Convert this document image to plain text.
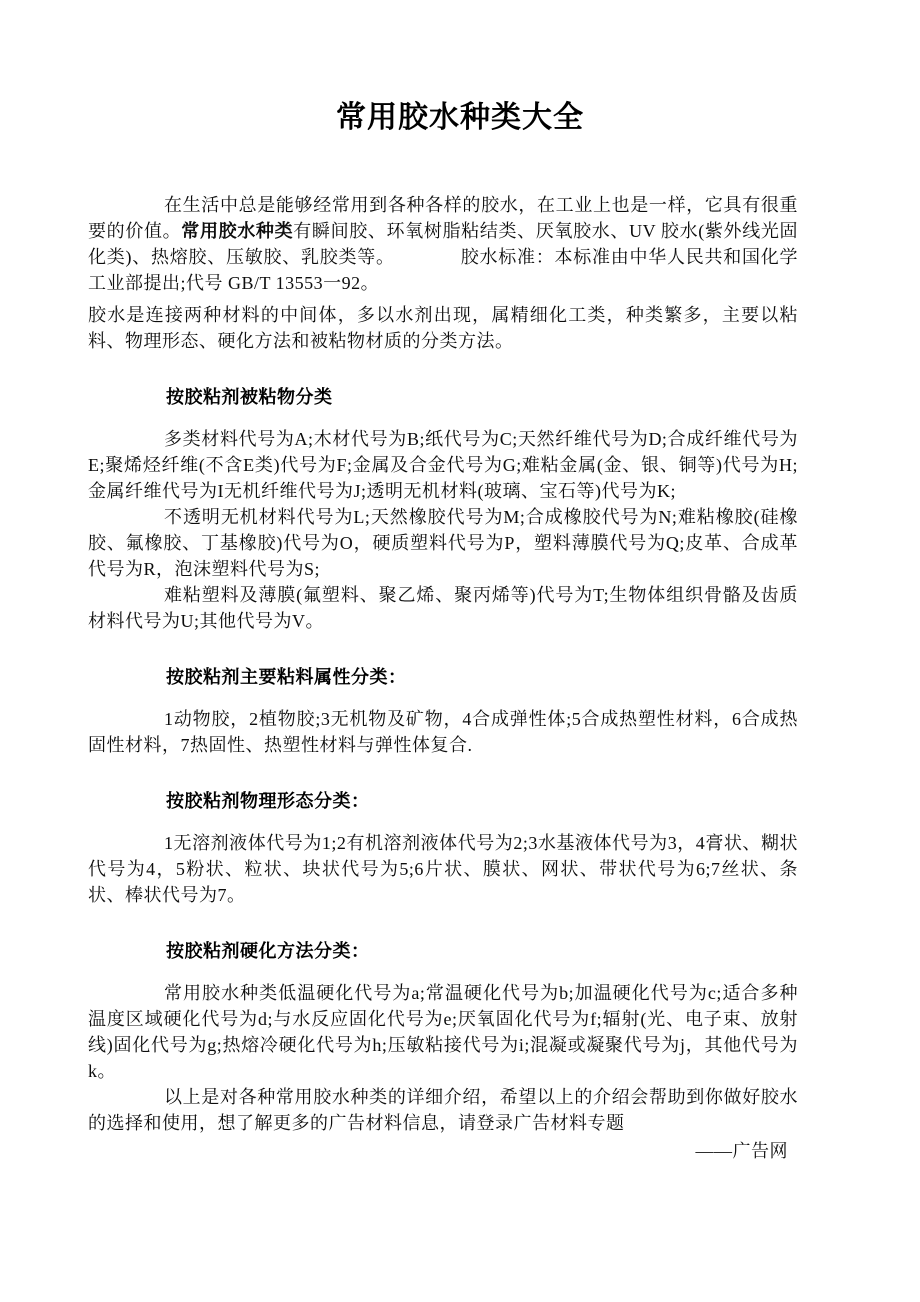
常用胶水种类大全

在生活中总是能够经常用到各种各样的胶水，在工业上也是一样，它具有很重要的价值。常用胶水种类有瞬间胶、环氧树脂粘结类、厌氧胶水、UV 胶水(紫外线光固化类)、热熔胶、压敏胶、乳胶类等。　　　　胶水标准：本标准由中华人民共和国化学工业部提出;代号 GB/T 13553一92。

胶水是连接两种材料的中间体，多以水剂出现，属精细化工类，种类繁多，主要以粘料、物理形态、硬化方法和被粘物材质的分类方法。

按胶粘剂被粘物分类

多类材料代号为A;木材代号为B;纸代号为C;天然纤维代号为D;合成纤维代号为E;聚烯烃纤维(不含E类)代号为F;金属及合金代号为G;难粘金属(金、银、铜等)代号为H;金属纤维代号为I无机纤维代号为J;透明无机材料(玻璃、宝石等)代号为K;

不透明无机材料代号为L;天然橡胶代号为M;合成橡胶代号为N;难粘橡胶(硅橡胶、氟橡胶、丁基橡胶)代号为O，硬质塑料代号为P，塑料薄膜代号为Q;皮革、合成革代号为R，泡沫塑料代号为S;

难粘塑料及薄膜(氟塑料、聚乙烯、聚丙烯等)代号为T;生物体组织骨骼及齿质材料代号为U;其他代号为V。

按胶粘剂主要粘料属性分类：

1动物胶，2植物胶;3无机物及矿物，4合成弹性体;5合成热塑性材料，6合成热固性材料，7热固性、热塑性材料与弹性体复合.

按胶粘剂物理形态分类：

1无溶剂液体代号为1;2有机溶剂液体代号为2;3水基液体代号为3，4膏状、糊状代号为4，5粉状、粒状、块状代号为5;6片状、膜状、网状、带状代号为6;7丝状、条状、棒状代号为7。

按胶粘剂硬化方法分类：

常用胶水种类低温硬化代号为a;常温硬化代号为b;加温硬化代号为c;适合多种温度区域硬化代号为d;与水反应固化代号为e;厌氧固化代号为f;辐射(光、电子束、放射线)固化代号为g;热熔冷硬化代号为h;压敏粘接代号为i;混凝或凝聚代号为j，其他代号为k。

以上是对各种常用胶水种类的详细介绍，希望以上的介绍会帮助到你做好胶水的选择和使用，想了解更多的广告材料信息，请登录广告材料专题

——广告网
